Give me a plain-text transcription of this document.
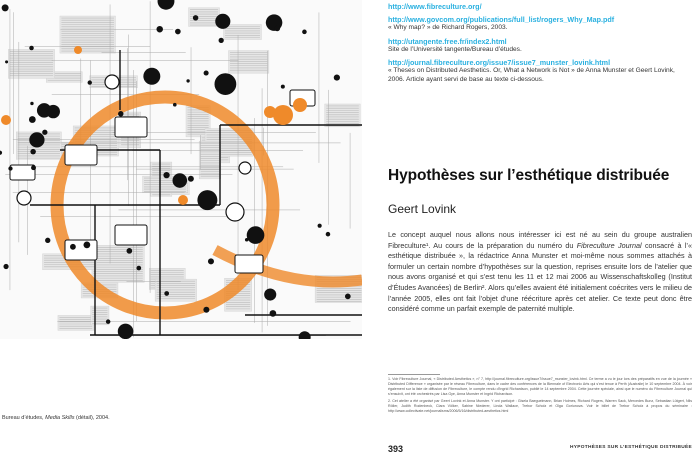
Bureau d’études, Media Skills (détail), 2004.
http://www.fibreculture.org/
http://www.govcom.org/publications/full_list/rogers_Why_Map.pdf
« Why map? » de Richard Rogers, 2003.
http://utangente.free.fr/index2.html
Site de l’Université tangente/Bureau d’études.
http://journal.fibreculture.org/issue7/issue7_munster_lovink.html
« Theses on Distributed Aesthetics. Or, What a Network is Not » de Anna Munster et Geert Lovink, 2006. Article ayant servi de base au texte ci-dessous.
Hypothèses sur l’esthétique distribuée
Geert Lovink
Le concept auquel nous allons nous intéresser ici est né au sein du groupe australien Fibreculture¹. Au cours de la préparation du numéro du Fibreculture Journal consacré à l’« esthétique distribuée », la rédactrice Anna Munster et moi-même nous sommes attachés à formuler un certain nombre d’hypothèses sur la question, reprises ensuite lors de l’atelier que nous avons organisé et qui s’est tenu les 11 et 12 mai 2006 au Wissenschaftskolleg (Institut d’Études Avancées) de Berlin². Alors qu’elles avaient été initialement coécrites vers le milieu de l’année 2005, elles ont fait l’objet d’une réécriture après cet atelier. Ce texte peut donc être considéré comme un parfait exemple de paternité multiple.

1. Voir Fibreculture Journal, « Distributed Aesthetics », n° 7, http://journal.fibreculture.org/issue7/issue7_munster_lovink.html. Ce terme a vu le jour lors des préparatifs en vue de la journée « Distributed Difference » organisée par le réseau Fibreculture, dans le cadre des conférences de la Biennale of Electronic Arts qui s’est tenue à Perth (Australie) le 10 septembre 2004. À voir également sur la liste de diffusion de Fibreculture, le compte rendu d’Ingrid Richardson, publié le 14 septembre 2004. Cette journée spéciale, ainsi que le numéro du Fibreculture Journal qui s’ensuivit, ont été orchestrés par Lisa Gye, Anna Munster et Ingrid Richardson.

2. Cet atelier a été organisé par Geert Lovink et Anna Munster. Y ont participé : Gisela Baeguelmann, Brian Holmes, Richard Rogers, Warren Sack, Mercedes Bunz, Sebastian Lütgert, Nils Röller, Judith Rodenbeck, Clara Völker, Sabine Niederer, Linda Wallace, Trebor Scholz et Olga Goriunova. Voir le billet de Trebor Scholz à propos du séminaire : http://www.collectivate.net/journalisms/2006/5/16/distributed-aesthetics.html

393	HYPOTHÈSES SUR L’ESTHÉTIQUE DISTRIBUÉE
